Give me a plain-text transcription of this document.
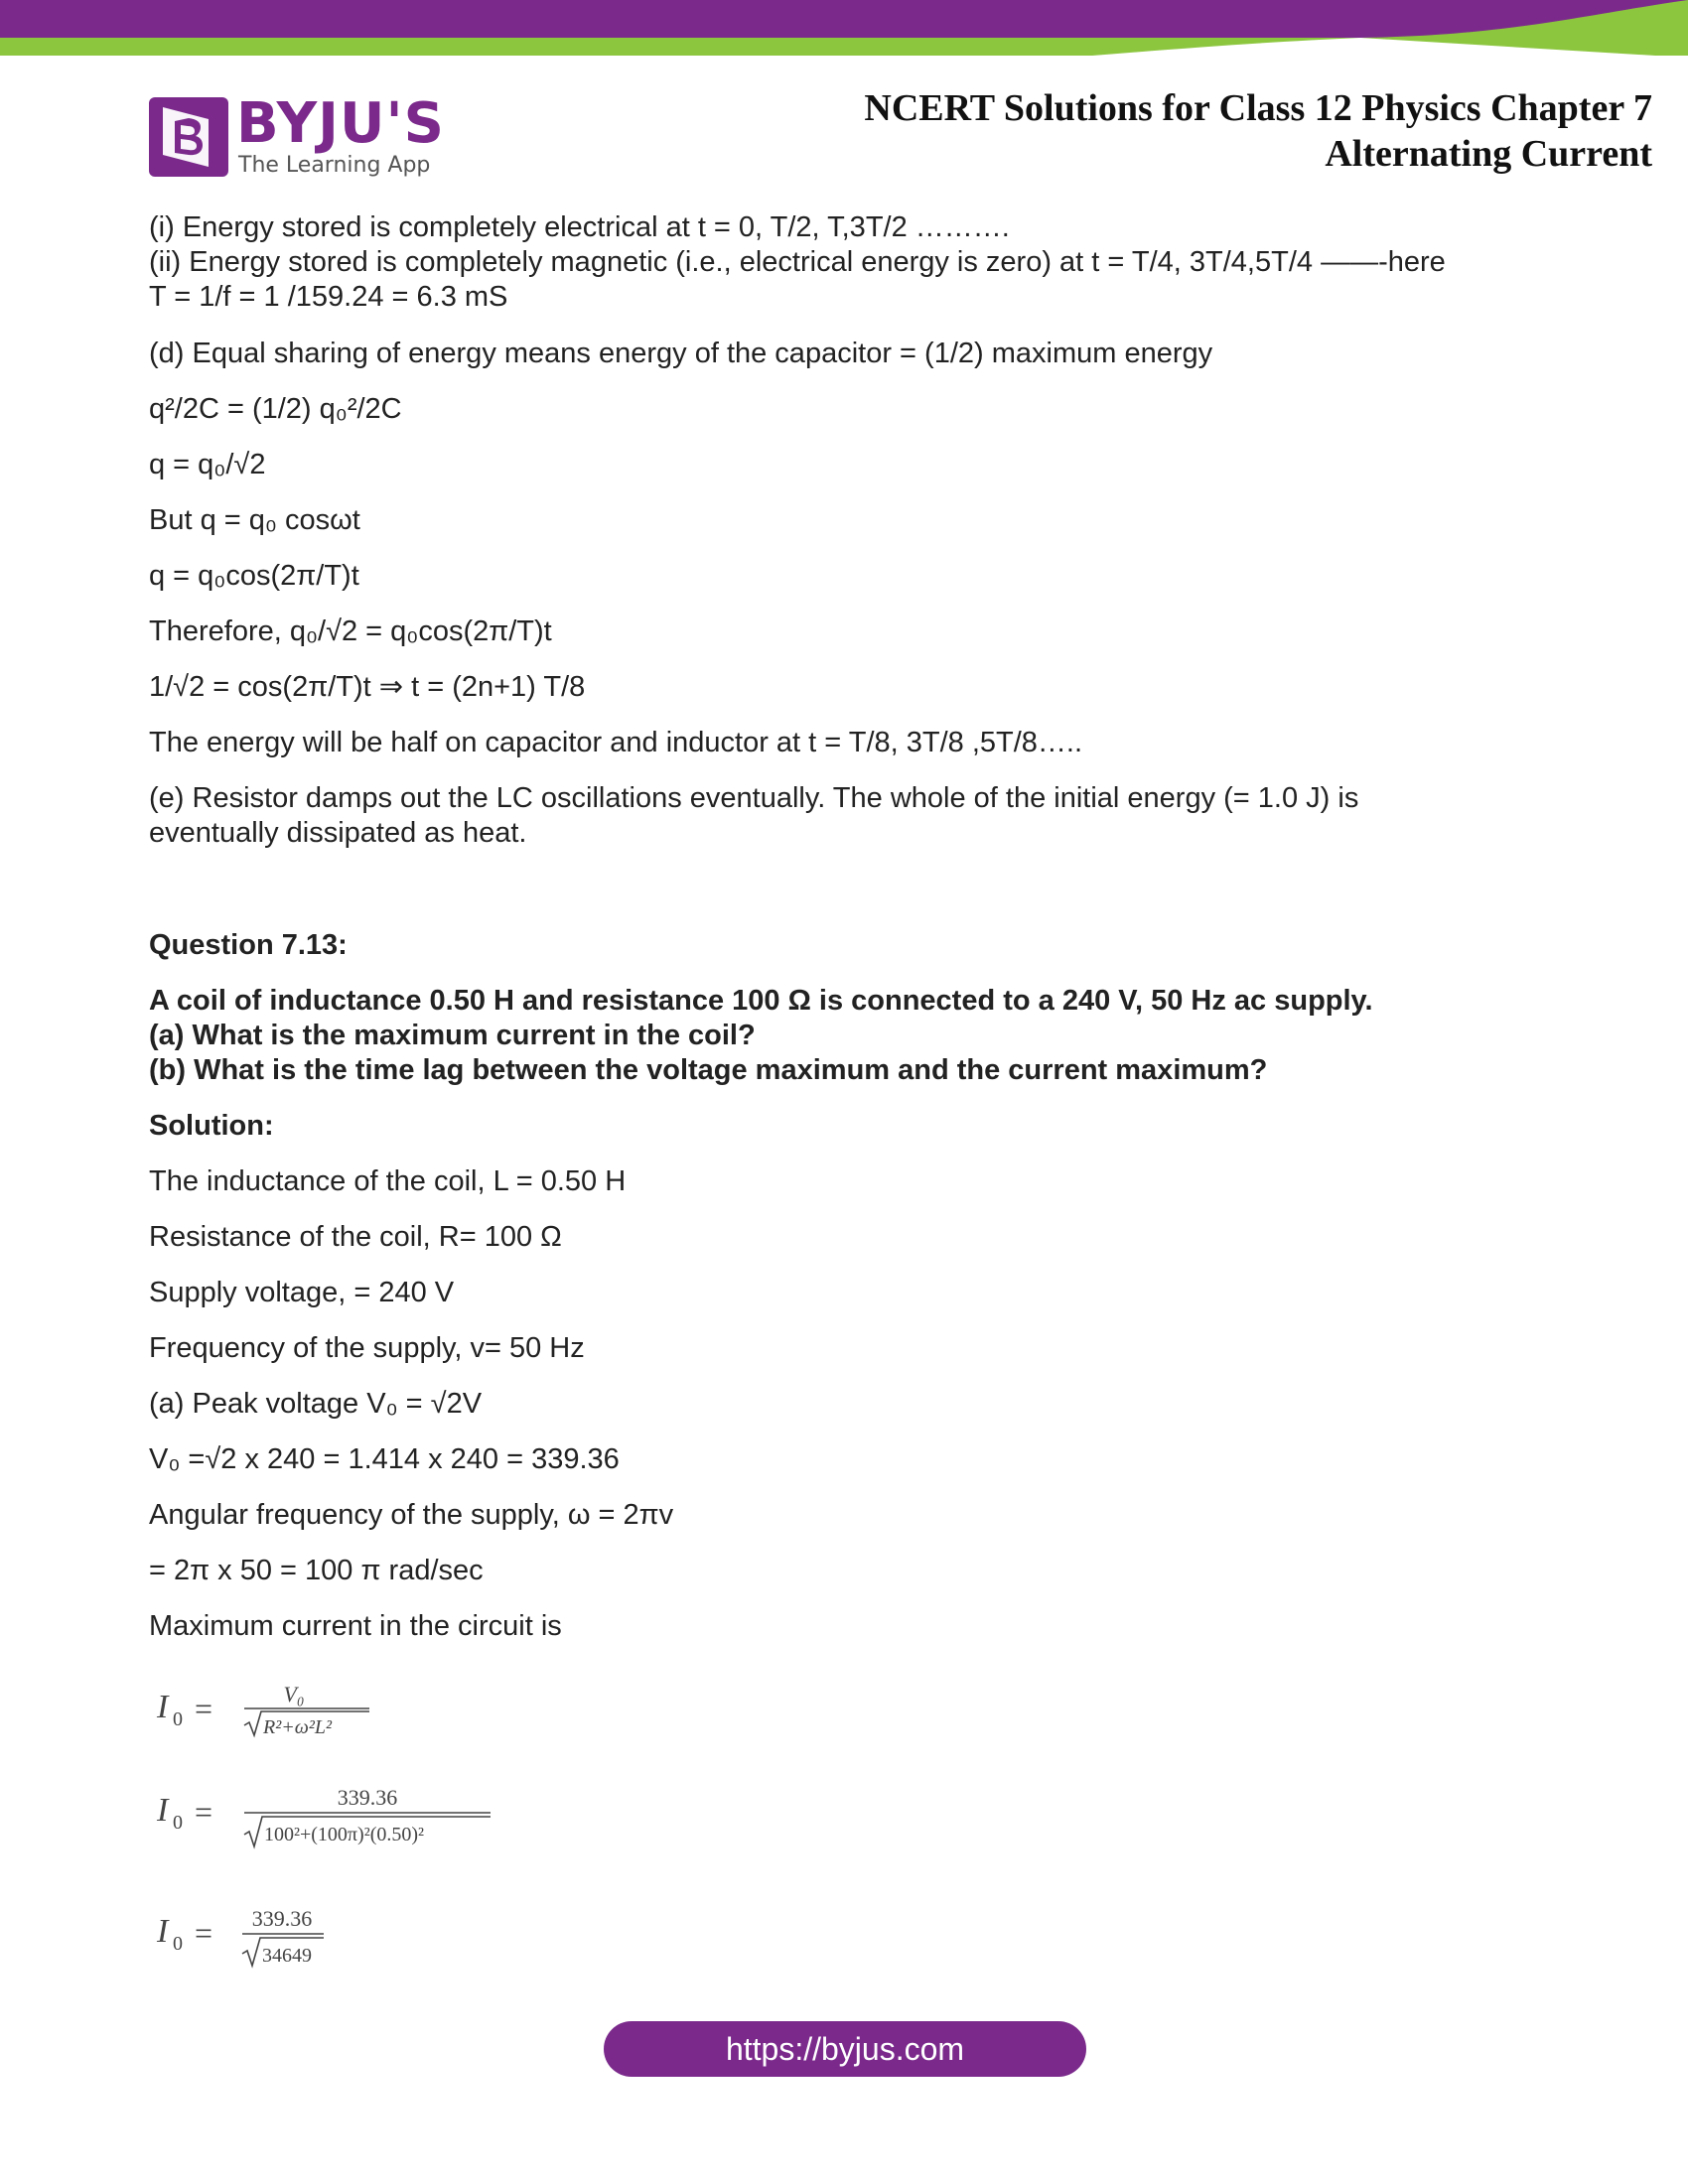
BYJU'S
The Learning App
NCERT Solutions for Class 12 Physics Chapter 7
Alternating Current

(i) Energy stored is completely electrical at t = 0, T/2, T,3T/2 ……….

(ii) Energy stored is completely magnetic (i.e., electrical energy is zero) at t = T/4, 3T/4,5T/4 ——-here

T = 1/f = 1 /159.24 = 6.3 mS

(d) Equal sharing of energy means energy of the capacitor = (1/2) maximum energy

q²/2C = (1/2) q₀²/2C

q = q₀/√2

But q = q₀ cosωt

q = q₀cos(2π/T)t

Therefore, q₀/√2 = q₀cos(2π/T)t

1/√2 = cos(2π/T)t ⇒ t = (2n+1) T/8

The energy will be half on capacitor and inductor at t = T/8, 3T/8 ,5T/8…..

(e) Resistor damps out the LC oscillations eventually. The whole of the initial energy (= 1.0 J) is

eventually dissipated as heat.

Question 7.13:

A coil of inductance 0.50 H and resistance 100 Ω is connected to a 240 V, 50 Hz ac supply.

(a) What is the maximum current in the coil?

(b) What is the time lag between the voltage maximum and the current maximum?

Solution:

The inductance of the coil, L = 0.50 H

Resistance of the coil, R= 100 Ω

Supply voltage, = 240 V

Frequency of the supply, v= 50 Hz

(a) Peak voltage V₀ = √2V

V₀ =√2 x 240 = 1.414 x 240 = 339.36

Angular frequency of the supply, ω = 2πv

= 2π x 50 = 100 π rad/sec

Maximum current in the circuit is

I 0 =	V₀
R²+ω²L²
I 0 =	339.36
100²+(100π)²(0.50)²
I 0 = 339.36
34649
https://byjus.com
